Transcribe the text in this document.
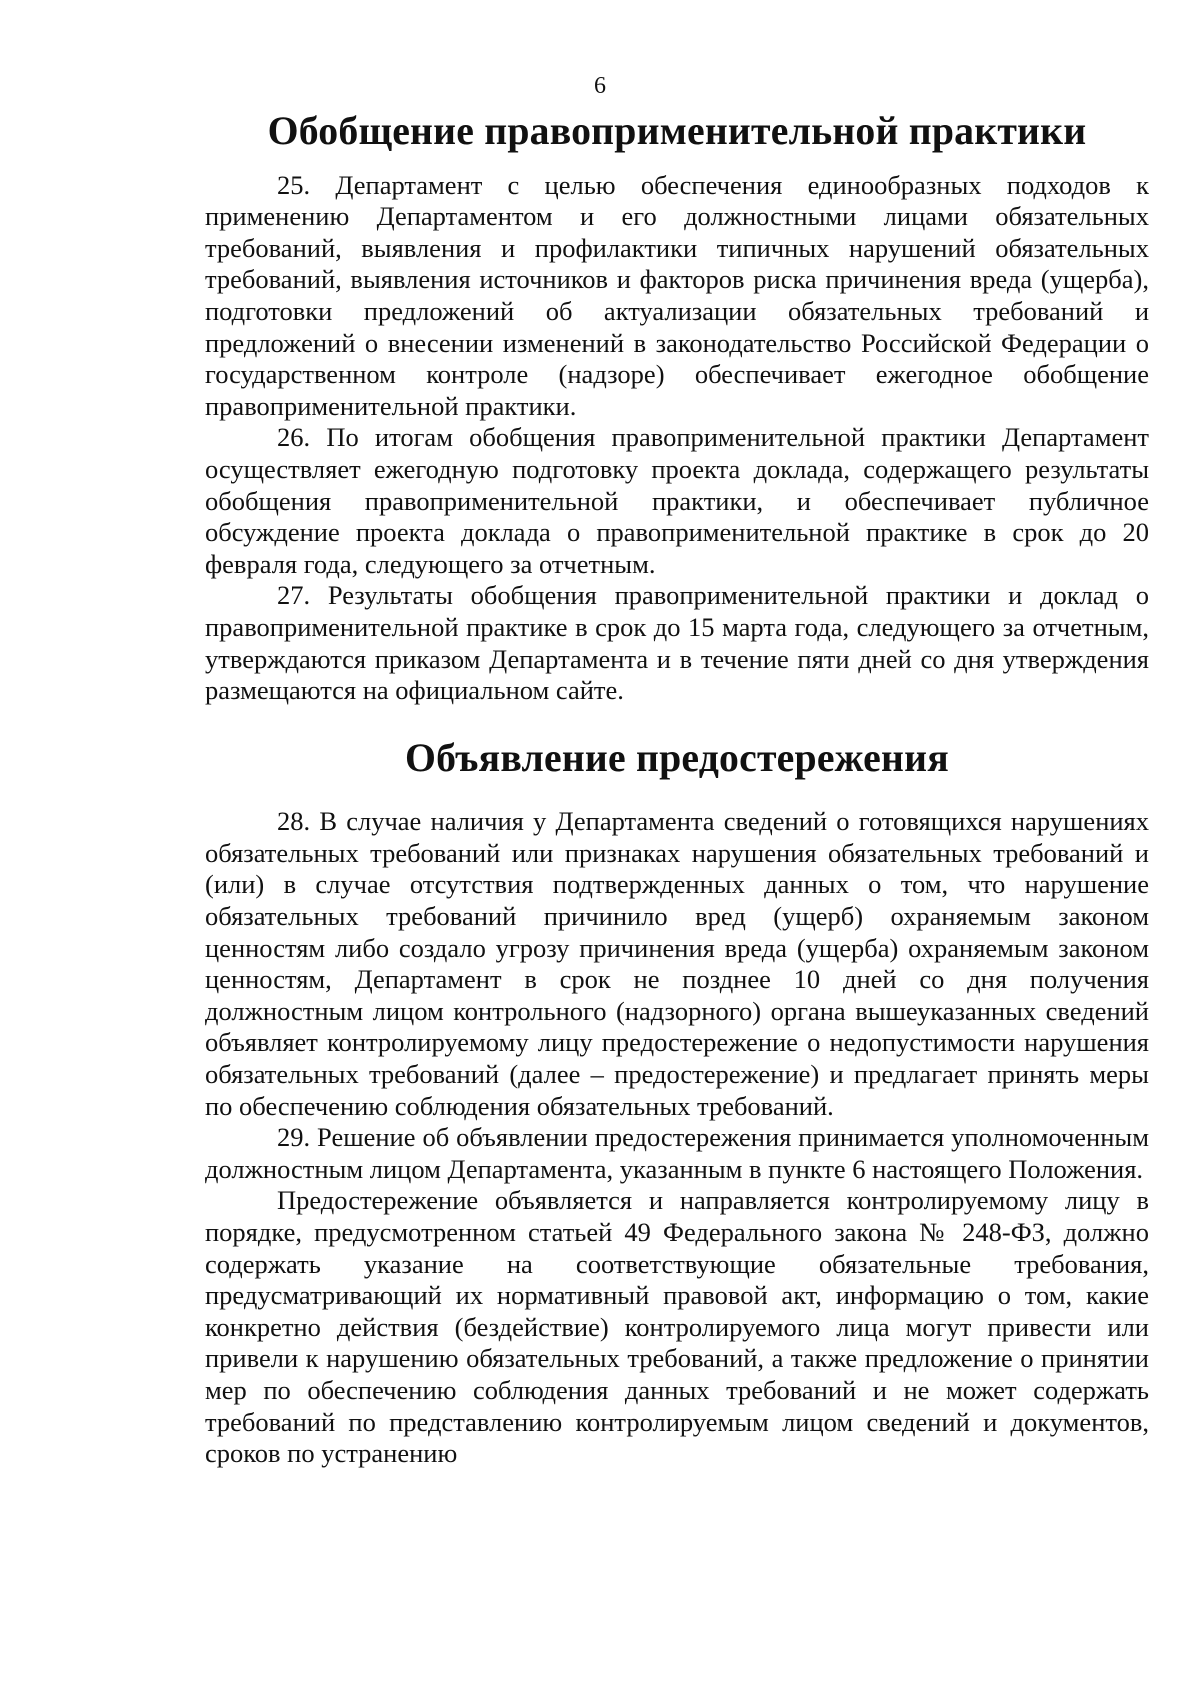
6
Обобщение правоприменительной практики

25. Департамент с целью обеспечения единообразных подходов к применению Департаментом и его должностными лицами обязательных требований, выявления и профилактики типичных нарушений обязательных требований, выявления источников и факторов риска причинения вреда (ущерба), подготовки предложений об актуализации обязательных требований и предложений о внесении изменений в законодательство Российской Федерации о государственном контроле (надзоре) обеспечивает ежегодное обобщение правоприменительной практики.

26. По итогам обобщения правоприменительной практики Департамент осуществляет ежегодную подготовку проекта доклада, содержащего результаты обобщения правоприменительной практики, и обеспечивает публичное обсуждение проекта доклада о правоприменительной практике в срок до 20 февраля года, следующего за отчетным.

27. Результаты обобщения правоприменительной практики и доклад о правоприменительной практике в срок до 15 марта года, следующего за отчетным, утверждаются приказом Департамента и в течение пяти дней со дня утверждения размещаются на официальном сайте.

Объявление предостережения

28. В случае наличия у Департамента сведений о готовящихся нарушениях обязательных требований или признаках нарушения обязательных требований и (или) в случае отсутствия подтвержденных данных о том, что нарушение обязательных требований причинило вред (ущерб) охраняемым законом ценностям либо создало угрозу причинения вреда (ущерба) охраняемым законом ценностям, Департамент в срок не позднее 10 дней со дня получения должностным лицом контрольного (надзорного) органа вышеуказанных сведений объявляет контролируемому лицу предостережение о недопустимости нарушения обязательных требований (далее – предостережение) и предлагает принять меры по обеспечению соблюдения обязательных требований.

29. Решение об объявлении предостережения принимается уполномоченным должностным лицом Департамента, указанным в пункте 6 настоящего Положения.

Предостережение объявляется и направляется контролируемому лицу в порядке, предусмотренном статьей 49 Федерального закона № 248-ФЗ, должно содержать указание на соответствующие обязательные требования, предусматривающий их нормативный правовой акт, информацию о том, какие конкретно действия (бездействие) контролируемого лица могут привести или привели к нарушению обязательных требований, а также предложение о принятии мер по обеспечению соблюдения данных требований и не может содержать требований по представлению контролируемым лицом сведений и документов, сроков по устранению
